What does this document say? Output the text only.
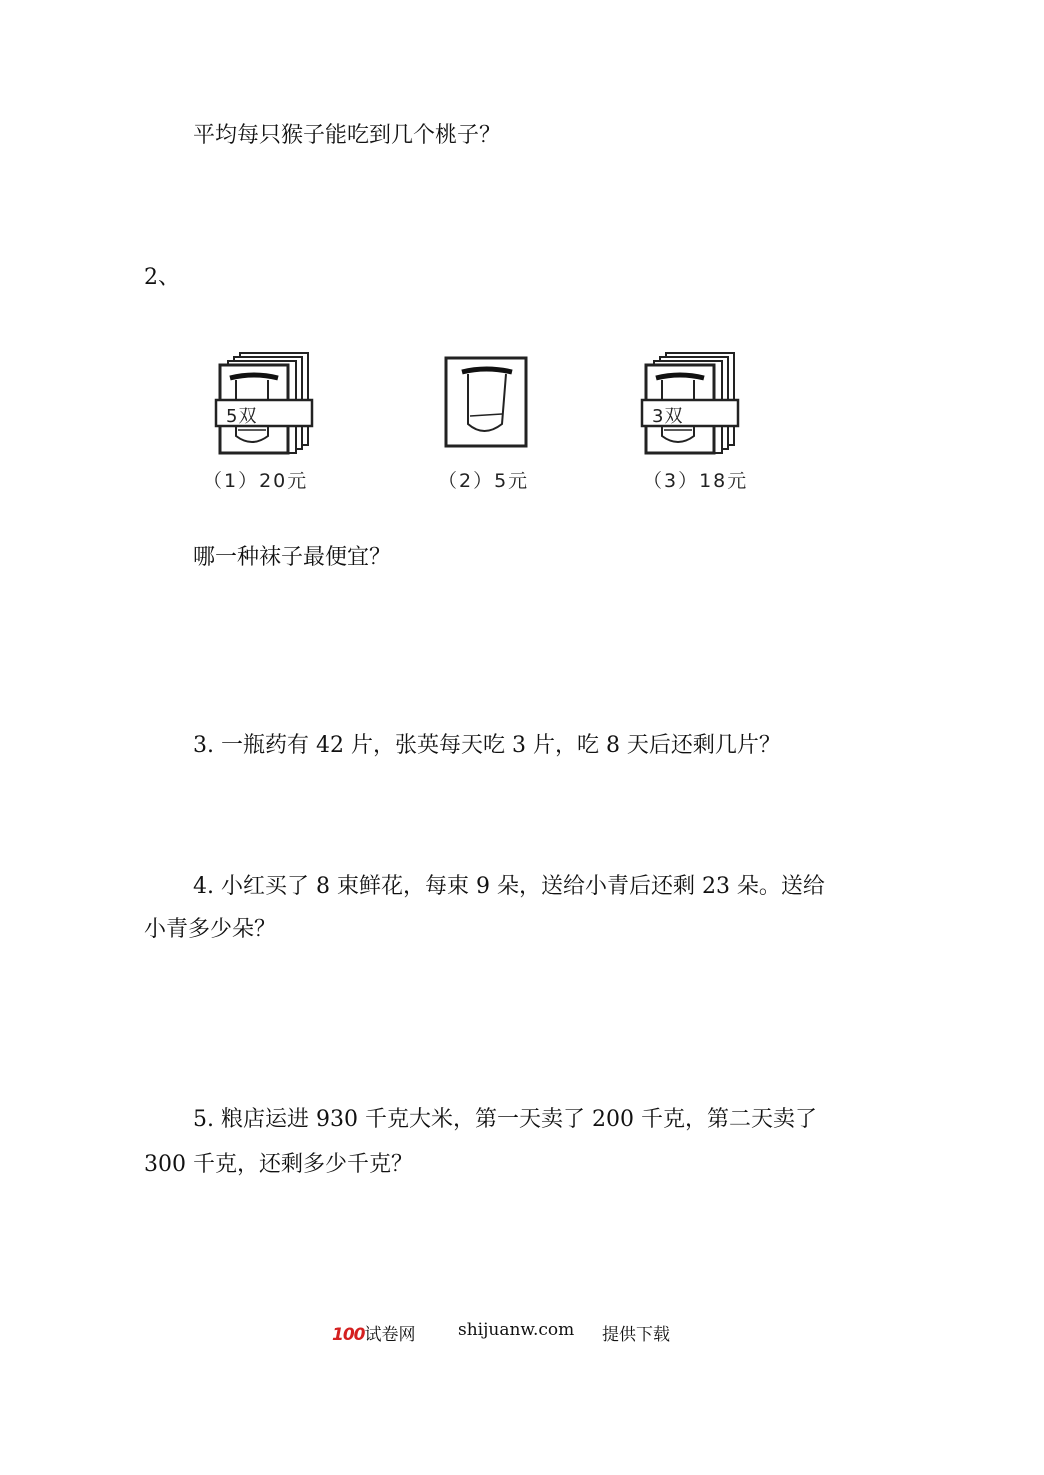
平均每只猴子能吃到几个桃子？
2、
5双	3双
（1）20元	（2）5元	（3）18元
哪一种袜子最便宜？
3. 一瓶药有 42 片，张英每天吃 3 片，吃 8 天后还剩几片？
4. 小红买了 8 束鲜花，每束 9 朵，送给小青后还剩 23 朵。送给
小青多少朵？
5. 粮店运进 930 千克大米，第一天卖了 200 千克，第二天卖了
300 千克，还剩多少千克？
100试卷网	shijuanw.com 提供下载
